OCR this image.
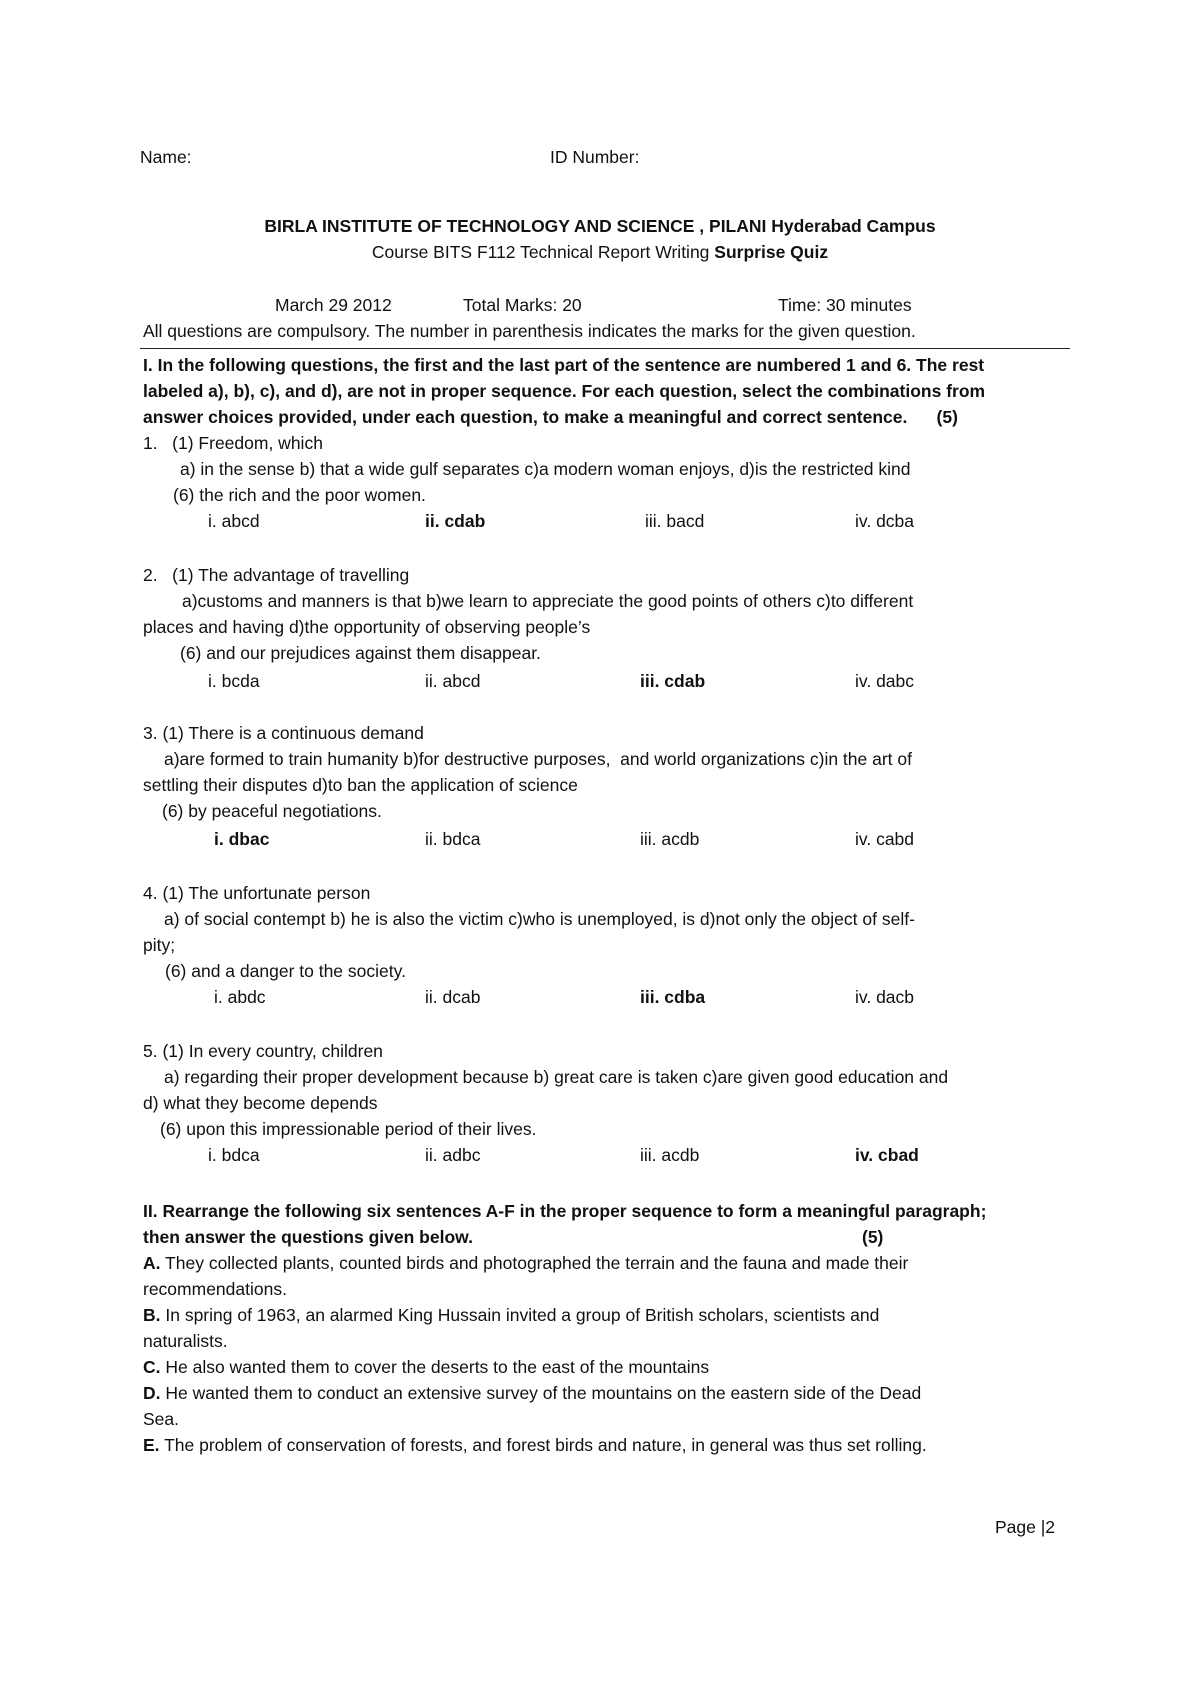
Name:	ID Number:
BIRLA INSTITUTE OF TECHNOLOGY AND SCIENCE , PILANI Hyderabad Campus
Course BITS F112 Technical Report Writing Surprise Quiz
March 29 2012	Total Marks: 20	Time: 30 minutes
All questions are compulsory. The number in parenthesis indicates the marks for the given question.
I. In the following questions, the first and the last part of the sentence are numbered 1 and 6. The rest
labeled a), b), c), and d), are not in proper sequence. For each question, select the combinations from
answer choices provided, under each question, to make a meaningful and correct sentence.      (5)
1.   (1) Freedom, which
a) in the sense b) that a wide gulf separates c)a modern woman enjoys, d)is the restricted kind
(6) the rich and the poor women.
i. abcd	ii. cdab	iii. bacd	iv. dcba
2.   (1) The advantage of travelling
a)customs and manners is that b)we learn to appreciate the good points of others c)to different
places and having d)the opportunity of observing people’s
(6) and our prejudices against them disappear.
i. bcda	ii. abcd	iii. cdab	iv. dabc
3. (1) There is a continuous demand
a)are formed to train humanity b)for destructive purposes,  and world organizations c)in the art of
settling their disputes d)to ban the application of science
(6) by peaceful negotiations.
i. dbac	ii. bdca	iii. acdb	iv. cabd
4. (1) The unfortunate person
a) of social contempt b) he is also the victim c)who is unemployed, is d)not only the object of self-
pity;
(6) and a danger to the society.
i. abdc	ii. dcab	iii. cdba	iv. dacb
5. (1) In every country, children
a) regarding their proper development because b) great care is taken c)are given good education and
d) what they become depends
(6) upon this impressionable period of their lives.
i. bdca	ii. adbc	iii. acdb	iv. cbad
II. Rearrange the following six sentences A-F in the proper sequence to form a meaningful paragraph;
then answer the questions given below.	(5)
A. They collected plants, counted birds and photographed the terrain and the fauna and made their
recommendations.
B. In spring of 1963, an alarmed King Hussain invited a group of British scholars, scientists and
naturalists.
C. He also wanted them to cover the deserts to the east of the mountains
D. He wanted them to conduct an extensive survey of the mountains on the eastern side of the Dead
Sea.
E. The problem of conservation of forests, and forest birds and nature, in general was thus set rolling.
Page |2
